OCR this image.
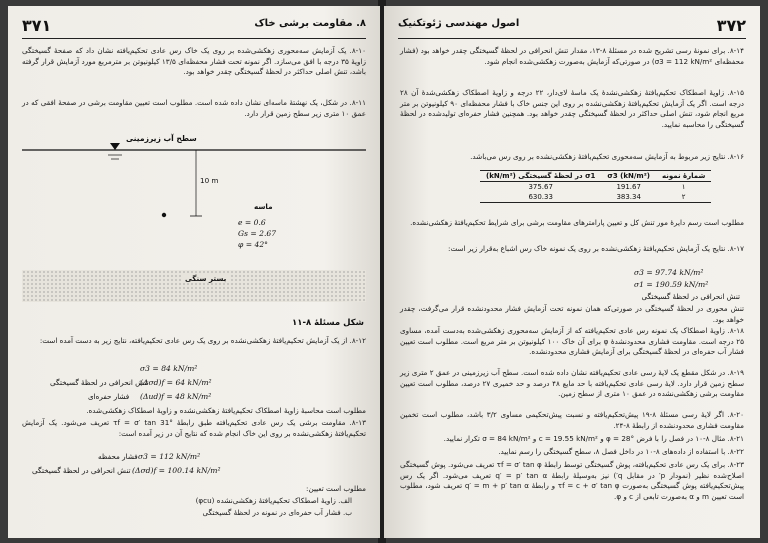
۳۷۱	۸. مقاومت برشی خاک
۸-۱۰. یک آزمایش سه‌محوری زهکشی‌شده بر روی یک خاک رس عادی تحکیم‌یافته نشان داد که صفحهٔ گسیختگی زاویهٔ ۳۵ درجه با افق می‌سازد. اگر نمونه تحت فشار محفظه‌ای ۱۳/۵ کیلونیوتن بر مترمربع مورد آزمایش قرار گرفته باشد، تنش اصلی حداکثر در لحظهٔ گسیختگی چقدر خواهد بود.
۸-۱۱. در شکل، یک نهشتهٔ ماسه‌ای نشان داده شده است. مطلوب است تعیین مقاومت برشی در صفحهٔ افقی که در عمق ۱۰ متری زیر سطح زمین قرار دارد.
سطح آب زیرزمینی
10 m
ماسه
e = 0.6
Gs = 2.67
φ = 42°
بستر سنگی
شکل مسئلهٔ ۸-۱۱
۸-۱۲. از یک آزمایش تحکیم‌یافتهٔ زهکشی‌نشده بر روی یک رس عادی تحکیم‌یافته، نتایج زیر به دست آمده است:
σ3 = 84 kN/m²
(Δσd)f = 64 kN/m²
تنش انحرافی در لحظهٔ گسیختگی
(Δud)f = 48 kN/m²
فشار حفره‌ای
مطلوب است محاسبهٔ زاویهٔ اصطکاک تحکیم‌یافتهٔ زهکشی‌نشده و زاویهٔ اصطکاک زهکشی‌شده.
۸-۱۳. مقاومت برشی یک رس عادی تحکیم‌یافته طبق رابطهٔ τf = σ′ tan 31° تعریف می‌شود. یک آزمایش تحکیم‌یافتهٔ زهکشی‌نشده بر روی این خاک انجام شده که نتایج آن در زیر آمده است:
σ3 = 112 kN/m²
فشار محفظه
(Δσd)f = 100.14 kN/m²
تنش انحرافی در لحظهٔ گسیختگی
مطلوب است تعیین:
الف. زاویهٔ اصطکاک تحکیم‌یافتهٔ زهکشی‌نشده (φcu)
ب. فشار آب حفره‌ای در نمونه در لحظهٔ گسیختگی
۳۷۲
اصول مهندسی ژئوتکنیک
۸-۱۴. برای نمونهٔ رسی تشریح شده در مسئلهٔ ۸-۱۳، مقدار تنش انحرافی در لحظهٔ گسیختگی چقدر خواهد بود (فشار محفظه‌ای σ3 = 112 kN/m²) در صورتی‌که آزمایش به‌صورت زهکشی‌شده انجام شود.
۸-۱۵. زاویهٔ اصطکاک تحکیم‌یافتهٔ زهکشی‌نشدهٔ یک ماسهٔ لای‌دار، ۲۲ درجه و زاویهٔ اصطکاک زهکشی‌شدهٔ آن ۲۸ درجه است. اگر یک آزمایش تحکیم‌یافتهٔ زهکشی‌نشده بر روی این جنس خاک با فشار محفظه‌ای ۹۰ کیلونیوتن بر متر مربع انجام شود، تنش اصلی حداکثر در لحظهٔ گسیختگی چقدر خواهد بود. همچنین فشار حفره‌ای تولیدشده در لحظهٔ گسیختگی را محاسبه نمایید.
۸-۱۶. نتایج زیر مربوط به آزمایش سه‌محوری تحکیم‌یافتهٔ زهکشی‌نشده بر روی رس می‌باشد.
شمارهٔ نمونه	σ3 (kN/m²)	σ1 در لحظهٔ گسیختگی (kN/m²)
۱	191.67	375.67
۲	383.34	630.33
مطلوب است رسم دایرهٔ مور تنش کل و تعیین پارامترهای مقاومت برشی برای شرایط تحکیم‌یافتهٔ زهکشی‌نشده.
۸-۱۷. نتایج یک آزمایش تحکیم‌یافتهٔ زهکشی‌نشده بر روی یک نمونه خاک رس اشباع به‌قرار زیر است:
σ3 = 97.74 kN/m²
σ1 = 190.59 kN/m²
تنش انحرافی در لحظهٔ گسیختگی
تنش محوری در لحظهٔ گسیختگی در صورتی‌که همان نمونه تحت آزمایش فشار محدودنشده قرار می‌گرفت، چقدر خواهد بود.
۸-۱۸. زاویهٔ اصطکاک یک نمونه رس عادی تحکیم‌یافته که از آزمایش سه‌محوری زهکشی‌شده به‌دست آمده، مساوی ۲۵ درجه است. مقاومت فشاری محدودنشدهٔ φ برای آن خاک ۱۰۰ کیلونیوتن بر متر مربع است. مطلوب است تعیین فشار آب حفره‌ای در لحظهٔ گسیختگی برای آزمایش فشاری محدودنشده.
۸-۱۹. در شکل مقطع یک لایهٔ رسی عادی تحکیم‌یافته نشان داده شده است. سطح آب زیرزمینی در عمق ۲ متری زیر سطح زمین قرار دارد. لایهٔ رسی عادی تحکیم‌یافته با حد مایع ۴۸ درصد و حد خمیری ۲۷ درصد، مطلوب است تعیین مقاومت برشی زهکشی‌نشده در عمق ۱۰ متری از سطح زمین.
۸-۲۰. اگر لایهٔ رسی مسئلهٔ ۸-۱۹ پیش‌تحکیم‌یافته و نسبت پیش‌تحکیمی مساوی ۳/۲ باشد، مطلوب است تخمین مقاومت فشاری محدودنشده از رابطهٔ ۸-۲۴.
۸-۲۱. مثال ۸-۱۰ در فصل را با فرض φ = 28° و c = 19.55 kN/m² و σ = 84 kN/m² تکرار نمایید.
۸-۲۲. با استفاده از داده‌های ۸-۱۰ در داخل فصل ۸، سطح گسیختگی را رسم نمایید.
۸-۲۳. برای یک رس عادی تحکیم‌یافته، پوش گسیختگی توسط رابطهٔ τf = σ′ tan φ تعریف می‌شود. پوش گسیختگی اصلاح‌شده نظیر (نمودار p′ در مقابل q′) نیز به‌وسیلهٔ رابطهٔ q′ = p′ tan α تعریف می‌شود. اگر یک رس پیش‌تحکیم‌یافته پوش گسیختگی به‌صورت τf = c + σ′ tan φ و رابطهٔ q′ = m + p′ tan α تعریف شود، مطلوب است تعیین m و α به‌صورت تابعی از c و φ.
